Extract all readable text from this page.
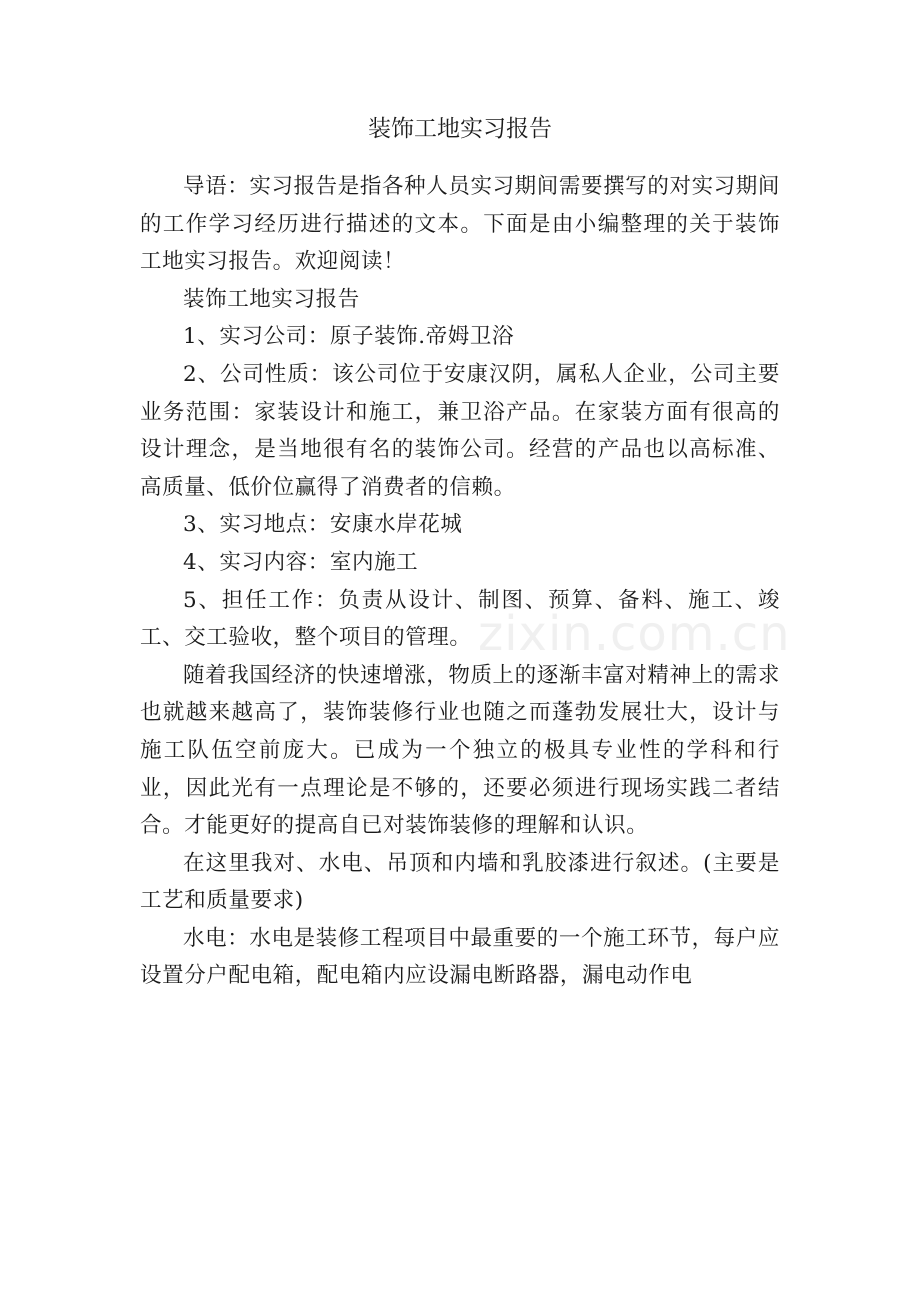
装饰工地实习报告

导语：实习报告是指各种人员实习期间需要撰写的对实习期间的工作学习经历进行描述的文本。下面是由小编整理的关于装饰工地实习报告。欢迎阅读！

装饰工地实习报告

1、实习公司：原子装饰.帝姆卫浴

2、公司性质：该公司位于安康汉阴，属私人企业，公司主要业务范围：家装设计和施工，兼卫浴产品。在家装方面有很高的设计理念，是当地很有名的装饰公司。经营的产品也以高标准、高质量、低价位赢得了消费者的信赖。

3、实习地点：安康水岸花城

4、实习内容：室内施工

5、担任工作：负责从设计、制图、预算、备料、施工、竣工、交工验收，整个项目的管理。

随着我国经济的快速增涨，物质上的逐渐丰富对精神上的需求也就越来越高了，装饰装修行业也随之而蓬勃发展壮大，设计与施工队伍空前庞大。已成为一个独立的极具专业性的学科和行业，因此光有一点理论是不够的，还要必须进行现场实践二者结合。才能更好的提高自已对装饰装修的理解和认识。

在这里我对、水电、吊顶和内墙和乳胶漆进行叙述。(主要是工艺和质量要求)

水电：水电是装修工程项目中最重要的一个施工环节，每户应设置分户配电箱，配电箱内应设漏电断路器，漏电动作电

zixin.com.cn
